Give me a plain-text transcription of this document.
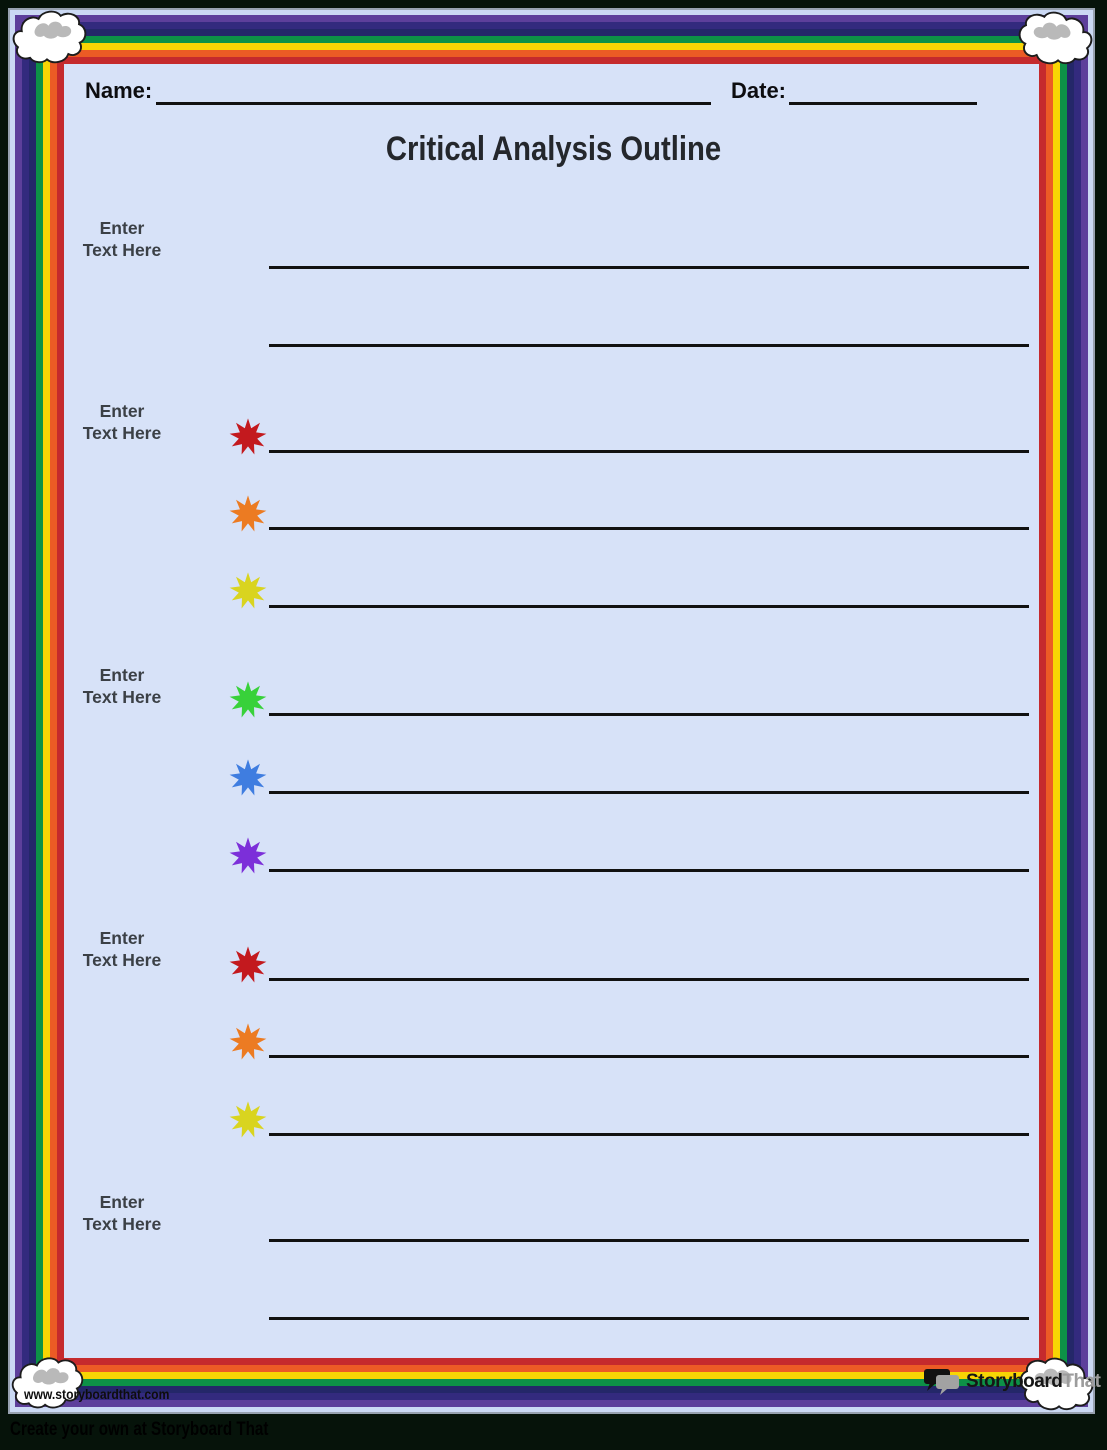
Name:	Date:
Critical Analysis Outline
Enter
Text Here
Enter
Text Here
Enter
Text Here
Enter
Text Here
Enter
Text Here
www.storyboardthat.com
StoryboardThat
Create your own at Storyboard That
